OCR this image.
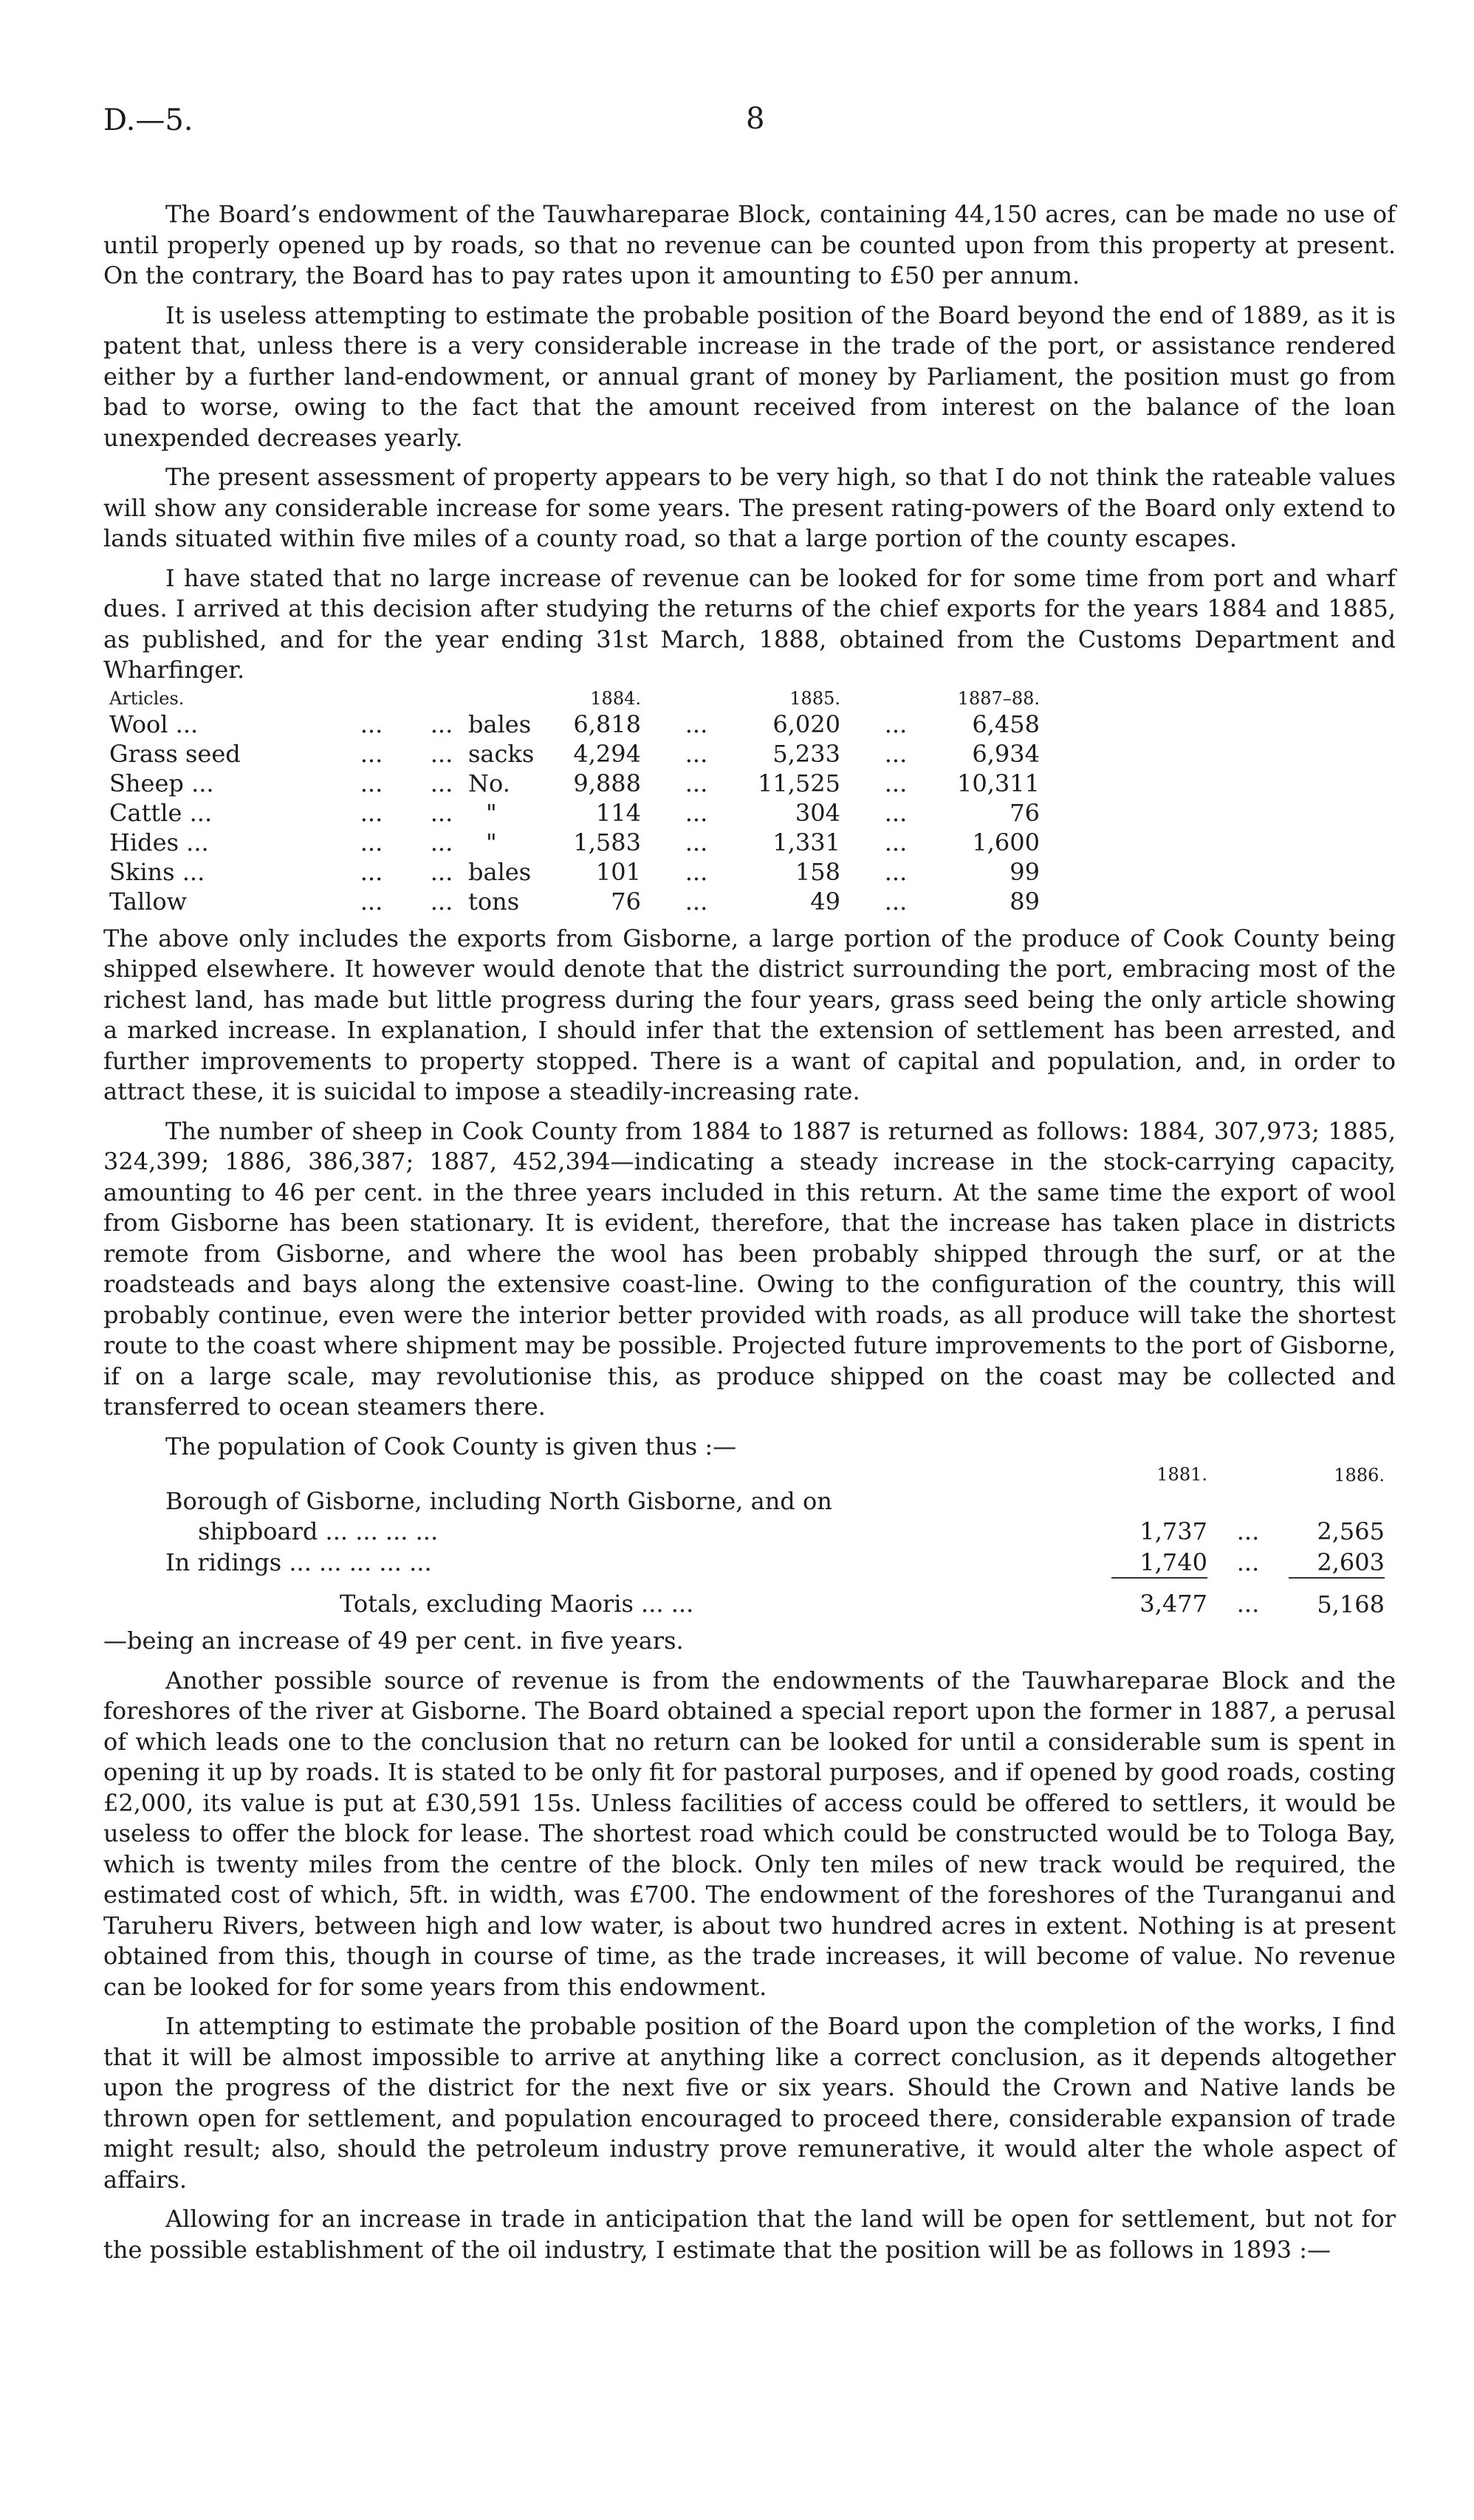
D.—5.	8

The Board’s endowment of the Tauwhareparae Block, containing 44,150 acres, can be made no use of until properly opened up by roads, so that no revenue can be counted upon from this property at present. On the contrary, the Board has to pay rates upon it amounting to £50 per annum.

It is useless attempting to estimate the probable position of the Board beyond the end of 1889, as it is patent that, unless there is a very considerable increase in the trade of the port, or assistance rendered either by a further land-endowment, or annual grant of money by Parliament, the position must go from bad to worse, owing to the fact that the amount received from interest on the balance of the loan unexpended decreases yearly.

The present assessment of property appears to be very high, so that I do not think the rateable values will show any considerable increase for some years. The present rating-powers of the Board only extend to lands situated within five miles of a county road, so that a large portion of the county escapes.

I have stated that no large increase of revenue can be looked for for some time from port and wharf dues. I arrived at this decision after studying the returns of the chief exports for the years 1884 and 1885, as published, and for the year ending 31st March, 1888, obtained from the Customs Department and Wharfinger.

Articles.				1884.		1885.		1887–88.
Wool ...	...	...	bales	6,818	...	6,020	...	6,458
Grass seed	...	...	sacks	4,294	...	5,233	...	6,934
Sheep ...	...	...	No.	9,888	...	11,525	...	10,311
Cattle ...	...	...	"	114	...	304	...	76
Hides ...	...	...	"	1,583	...	1,331	...	1,600
Skins ...	...	...	bales	101	...	158	...	99
Tallow	...	...	tons	76	...	49	...	89

The above only includes the exports from Gisborne, a large portion of the produce of Cook County being shipped elsewhere. It however would denote that the district surrounding the port, embracing most of the richest land, has made but little progress during the four years, grass seed being the only article showing a marked increase. In explanation, I should infer that the extension of settlement has been arrested, and further improvements to property stopped. There is a want of capital and population, and, in order to attract these, it is suicidal to impose a steadily-increasing rate.

The number of sheep in Cook County from 1884 to 1887 is returned as follows: 1884, 307,973; 1885, 324,399; 1886, 386,387; 1887, 452,394—indicating a steady increase in the stock-carrying capacity, amounting to 46 per cent. in the three years included in this return. At the same time the export of wool from Gisborne has been stationary. It is evident, therefore, that the increase has taken place in districts remote from Gisborne, and where the wool has been probably shipped through the surf, or at the roadsteads and bays along the extensive coast-line. Owing to the configuration of the country, this will probably continue, even were the interior better provided with roads, as all produce will take the shortest route to the coast where shipment may be possible. Projected future improvements to the port of Gisborne, if on a large scale, may revolutionise this, as produce shipped on the coast may be collected and transferred to ocean steamers there.

The population of Cook County is given thus :—

	1881.		1886.
Borough of Gisborne, including North Gisborne, and on			
shipboard ... ... ... ...	1,737	...	2,565
In ridings ... ... ... ... ...	1,740	...	2,603
Totals, excluding Maoris ... ...	3,477	...	5,168

—being an increase of 49 per cent. in five years.

Another possible source of revenue is from the endowments of the Tauwhareparae Block and the foreshores of the river at Gisborne. The Board obtained a special report upon the former in 1887, a perusal of which leads one to the conclusion that no return can be looked for until a considerable sum is spent in opening it up by roads. It is stated to be only fit for pastoral purposes, and if opened by good roads, costing £2,000, its value is put at £30,591 15s. Unless facilities of access could be offered to settlers, it would be useless to offer the block for lease. The shortest road which could be constructed would be to Tologa Bay, which is twenty miles from the centre of the block. Only ten miles of new track would be required, the estimated cost of which, 5ft. in width, was £700. The endowment of the foreshores of the Turanganui and Taruheru Rivers, between high and low water, is about two hundred acres in extent. Nothing is at present obtained from this, though in course of time, as the trade increases, it will become of value. No revenue can be looked for for some years from this endowment.

In attempting to estimate the probable position of the Board upon the completion of the works, I find that it will be almost impossible to arrive at anything like a correct conclusion, as it depends altogether upon the progress of the district for the next five or six years. Should the Crown and Native lands be thrown open for settlement, and population encouraged to proceed there, considerable expansion of trade might result; also, should the petroleum industry prove remunerative, it would alter the whole aspect of affairs.

Allowing for an increase in trade in anticipation that the land will be open for settlement, but not for the possible establishment of the oil industry, I estimate that the position will be as follows in 1893 :—
